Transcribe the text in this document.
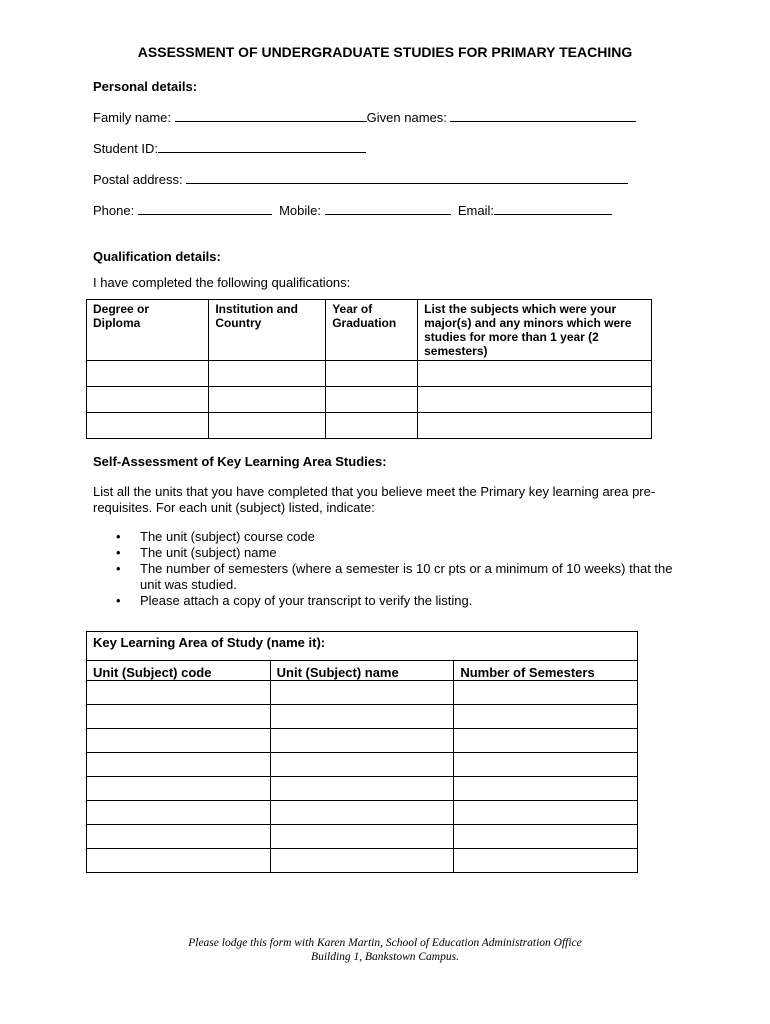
ASSESSMENT OF UNDERGRADUATE STUDIES FOR PRIMARY TEACHING
Personal details:
Family name:	Given names:
Student ID:
Postal address:
Phone:	Mobile:	Email:
Qualification details:
I have completed the following qualifications:
Degree or Diploma	Institution and Country	Year of Graduation	List the subjects which were your major(s) and any minors which were studies for more than 1 year (2 semesters)

Self-Assessment of Key Learning Area Studies:
List all the units that you have completed that you believe meet the Primary key learning area pre-requisites. For each unit (subject) listed, indicate:
• The unit (subject) course code
• The unit (subject) name
• The number of semesters (where a semester is 10 cr pts or a minimum of 10 weeks) that the unit was studied.
• Please attach a copy of your transcript to verify the listing.
Key Learning Area of Study (name it):		
Unit (Subject) code	Unit (Subject) name	Number of Semesters

Please lodge this form with Karen Martin, School of Education Administration Office
Building 1, Bankstown Campus.
